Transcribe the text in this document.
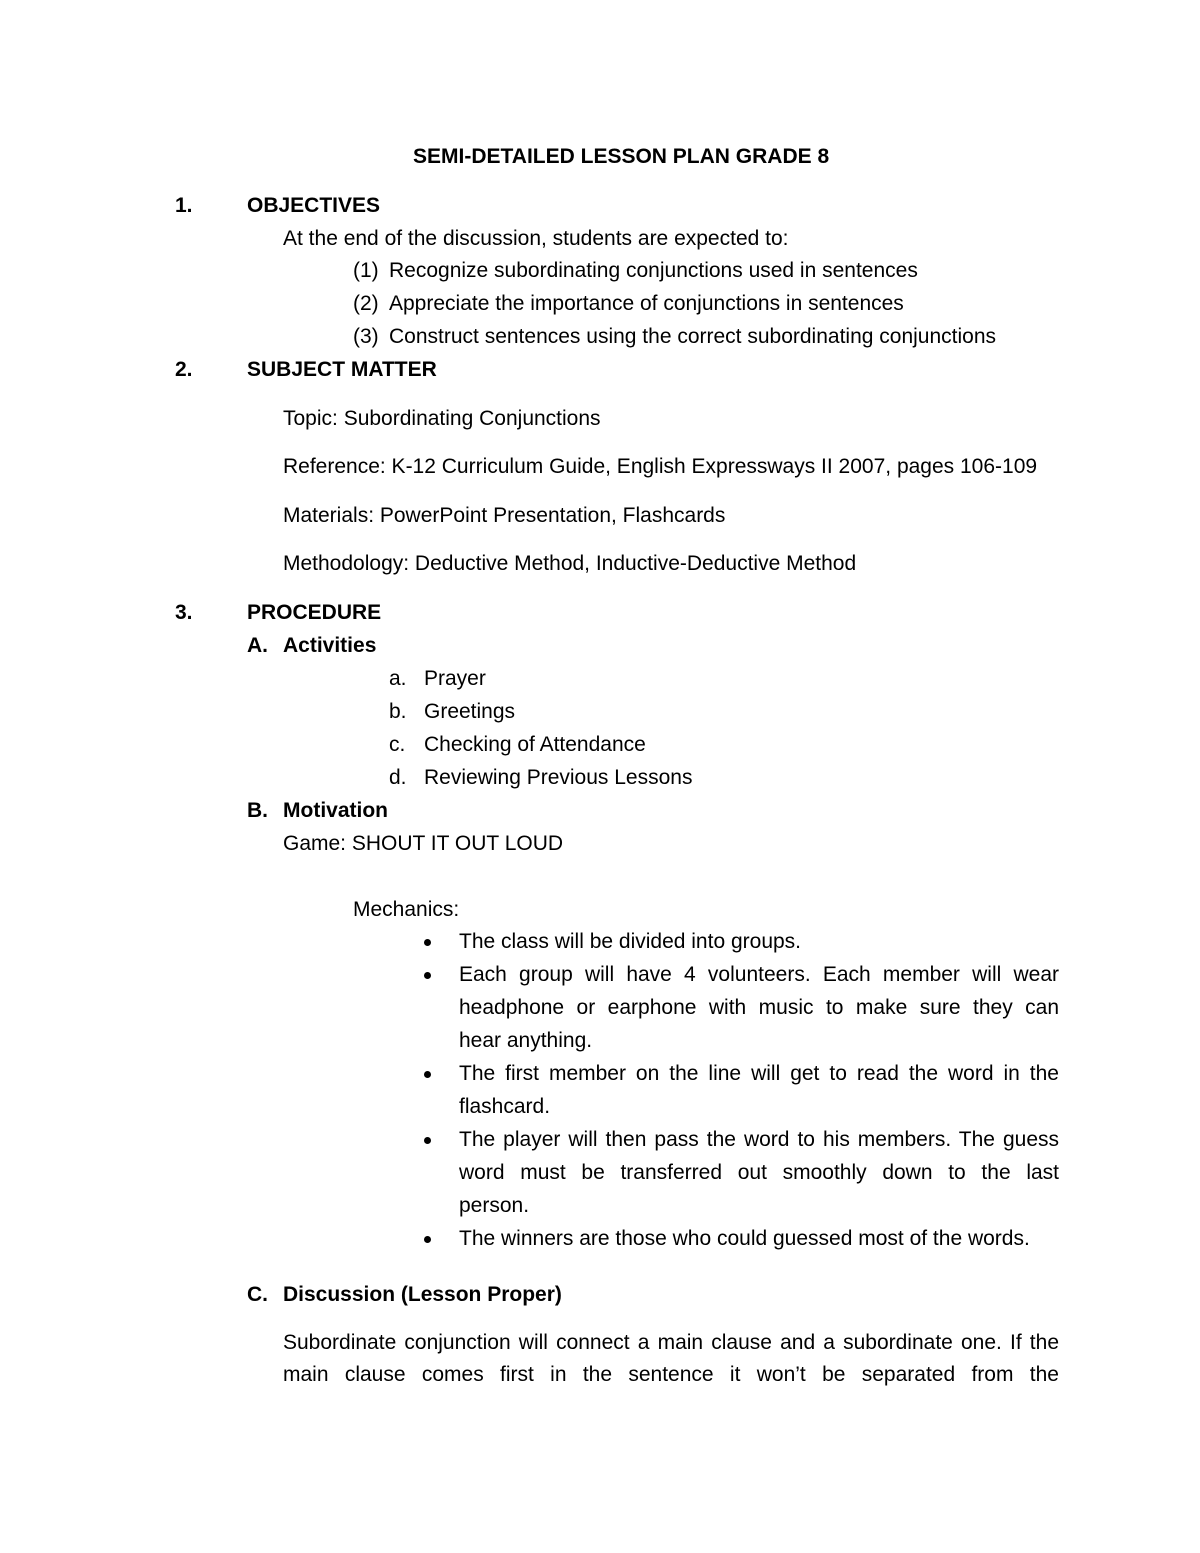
SEMI-DETAILED LESSON PLAN GRADE 8
1.	OBJECTIVES
At the end of the discussion, students are expected to:
(1) Recognize subordinating conjunctions used in sentences
(2) Appreciate the importance of conjunctions in sentences
(3) Construct sentences using the correct subordinating conjunctions
2.	SUBJECT MATTER
Topic: Subordinating Conjunctions
Reference: K-12 Curriculum Guide, English Expressways II 2007, pages 106-109
Materials: PowerPoint Presentation, Flashcards
Methodology: Deductive Method, Inductive-Deductive Method
3.	PROCEDURE
A. Activities
a. Prayer
b. Greetings
c. Checking of Attendance
d. Reviewing Previous Lessons
B. Motivation
Game: SHOUT IT OUT LOUD
Mechanics:
The class will be divided into groups.
Each group will have 4 volunteers. Each member will wear
headphone or earphone with music to make sure they can
hear anything.
The first member on the line will get to read the word in the
flashcard.
The player will then pass the word to his members. The guess
word must be transferred out smoothly down to the last
person.
The winners are those who could guessed most of the words.
C. Discussion (Lesson Proper)
Subordinate conjunction will connect a main clause and a subordinate one. If the
main clause comes first in the sentence it won’t be separated from the
